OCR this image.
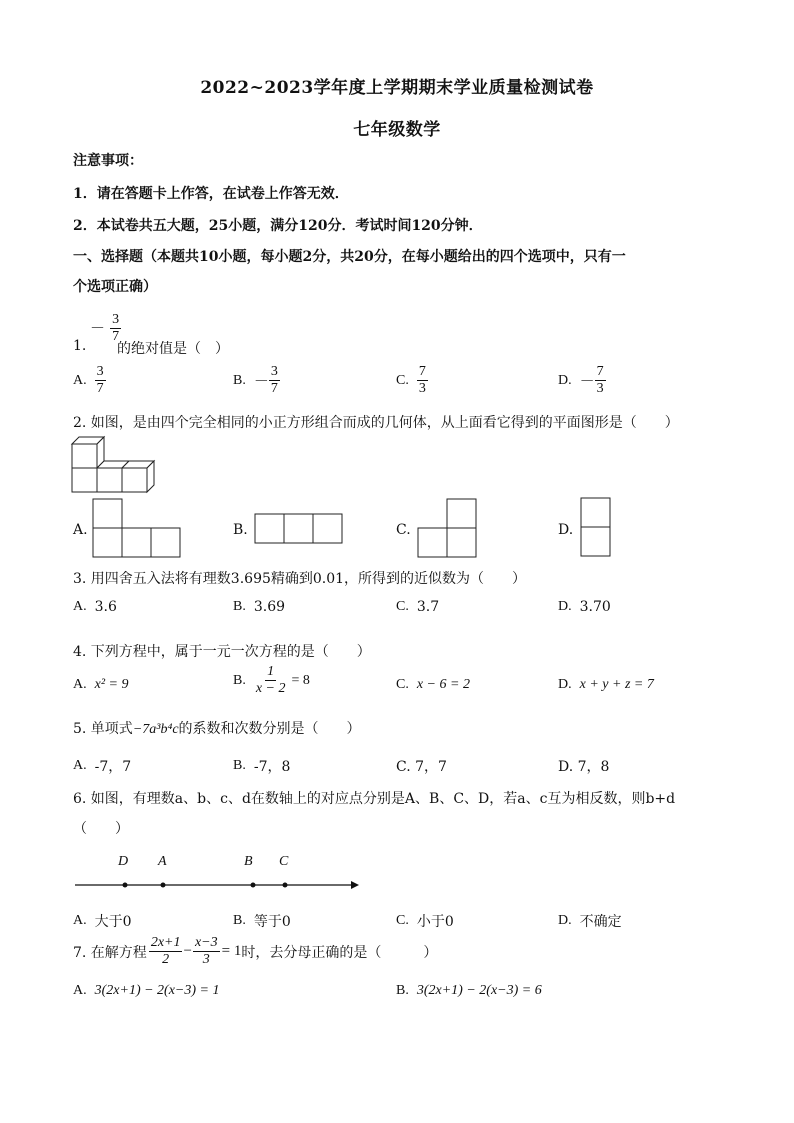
2022~2023学年度上学期期末学业质量检测试卷
七年级数学
注意事项：
1．请在答题卡上作答，在试卷上作答无效．
2．本试卷共五大题，25小题，满分120分．考试时间120分钟．
一、选择题（本题共10小题，每小题2分，共20分，在每小题给出的四个选项中，只有一
个选项正确）
－ $\frac{3}{7}$
1. 的绝对值是（　）
A. $\frac{3}{7}$	B. － $\frac{3}{7}$	C. $\frac{7}{3}$	D. － $\frac{7}{3}$
2. 如图，是由四个完全相同的小正方形组合而成的几何体，从上面看它得到的平面图形是（　　）
A.	B.	C.	D.
3. 用四舍五入法将有理数3.695精确到0.01，所得到的近似数为（　　）
A. 3.6	B. 3.69	C. 3.7	D. 3.70
4. 下列方程中，属于一元一次方程的是（　　）
A. x² = 9	B. $\frac{1}{x - 2} = 8$	C. x − 6 = 2	D. x + y + z = 7
5. 单项式−7a³b⁴c的系数和次数分别是（　　）
A. -7，7	B. -7，8	C. 7，7	D. 7，8
6. 如图，有理数a、b、c、d在数轴上的对应点分别是A、B、C、D，若a、c互为相反数，则b+d
（　　）
D A	B C
A. 大于0	B. 等于0	C. 小于0	D. 不确定
7. 在解方程 $\frac{2x+1}{2} - \frac{x-3}{3} = 1$ 时，去分母正确的是（　　　）
A. 3(2x+1) − 2(x−3) = 1	B. 3(2x+1) − 2(x−3) = 6
